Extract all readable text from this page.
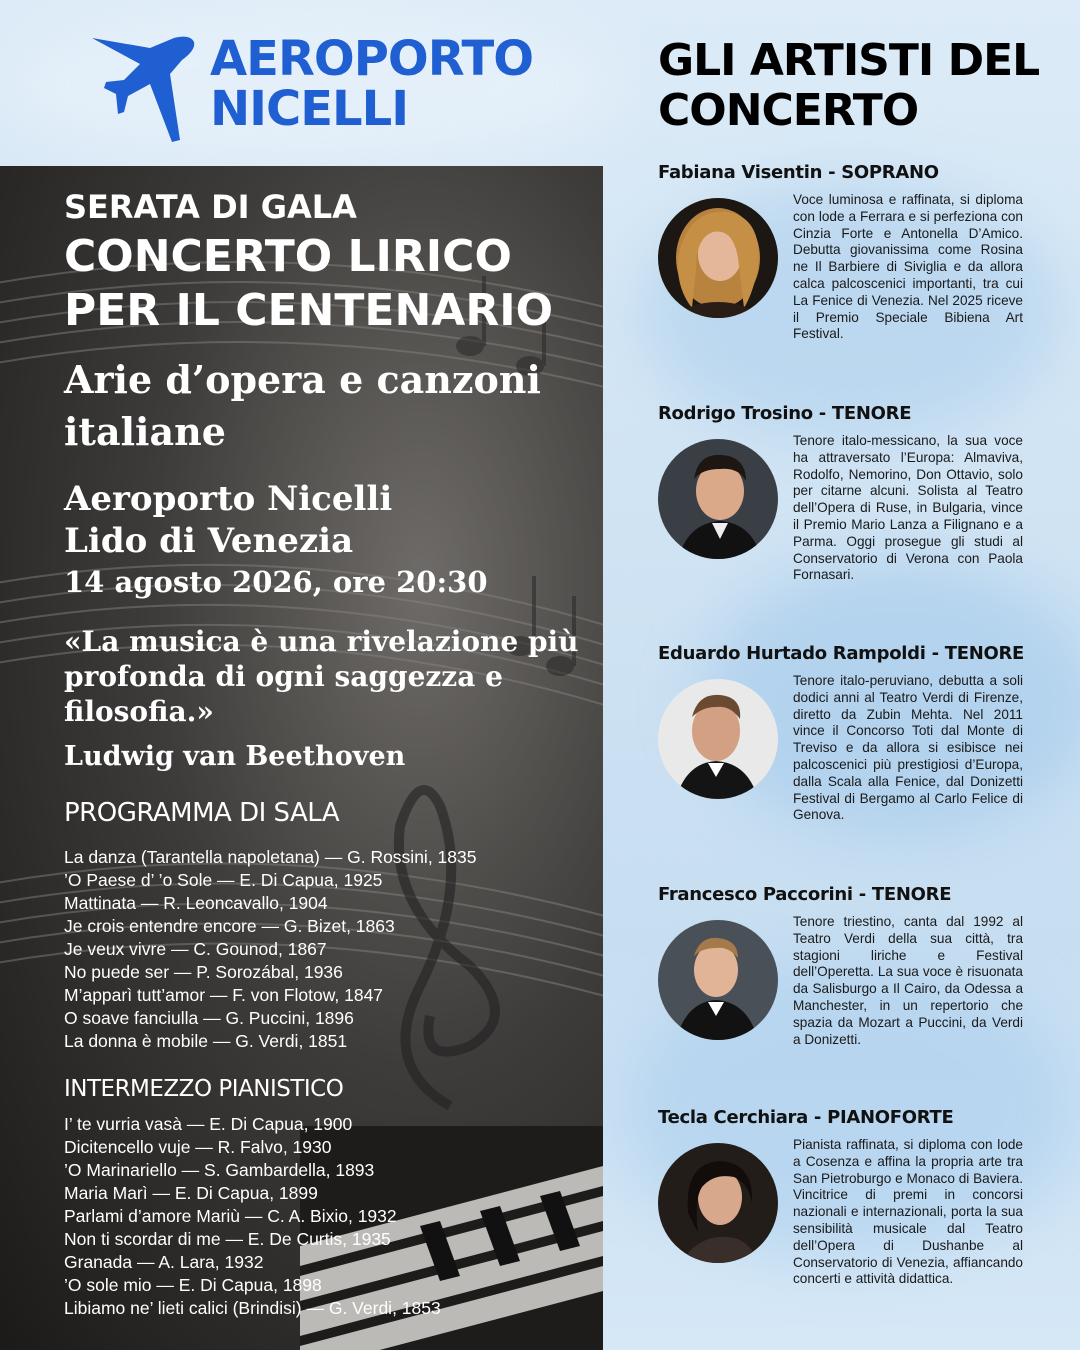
AEROPORTO
NICELLI
GLI ARTISTI DEL CONCERTO
SERATA DI GALA
CONCERTO LIRICO PER IL CENTENARIO
Arie d’opera e canzoni italiane
Aeroporto Nicelli
Lido di Venezia
14 agosto 2026, ore 20:30
«La musica è una rivelazione più profonda di ogni saggezza e filosofia.»
Ludwig van Beethoven
PROGRAMMA DI SALA
La danza (Tarantella napoletana) — G. Rossini, 1835
’O Paese d’ ’o Sole — E. Di Capua, 1925
Mattinata — R. Leoncavallo, 1904
Je crois entendre encore — G. Bizet, 1863
Je veux vivre — C. Gounod, 1867
No puede ser — P. Sorozábal, 1936
M’apparì tutt’amor — F. von Flotow, 1847
O soave fanciulla — G. Puccini, 1896
La donna è mobile — G. Verdi, 1851
INTERMEZZO PIANISTICO
I’ te vurria vasà — E. Di Capua, 1900
Dicitencello vuje — R. Falvo, 1930
’O Marinariello — S. Gambardella, 1893
Maria Marì — E. Di Capua, 1899
Parlami d’amore Mariù — C. A. Bixio, 1932
Non ti scordar di me — E. De Curtis, 1935
Granada — A. Lara, 1932
’O sole mio — E. Di Capua, 1898
Libiamo ne’ lieti calici (Brindisi) — G. Verdi, 1853
Fabiana Visentin - SOPRANO
Voce luminosa e raffinata, si diploma con lode a Ferrara e si perfeziona con Cinzia Forte e Antonella D’Amico. Debutta giovanissima come Rosina ne Il Barbiere di Siviglia e da allora calca palcoscenici importanti, tra cui La Fenice di Venezia. Nel 2025 riceve il Premio Speciale Bibiena Art Festival.
Rodrigo Trosino - TENORE
Tenore italo-messicano, la sua voce ha attraversato l’Europa: Almaviva, Rodolfo, Nemorino, Don Ottavio, solo per citarne alcuni. Solista al Teatro dell’Opera di Ruse, in Bulgaria, vince il Premio Mario Lanza a Filignano e a Parma. Oggi prosegue gli studi al Conservatorio di Verona con Paola Fornasari.
Eduardo Hurtado Rampoldi - TENORE
Tenore italo-peruviano, debutta a soli dodici anni al Teatro Verdi di Firenze, diretto da Zubin Mehta. Nel 2011 vince il Concorso Toti dal Monte di Treviso e da allora si esibisce nei palcoscenici più prestigiosi d’Europa, dalla Scala alla Fenice, dal Donizetti Festival di Bergamo al Carlo Felice di Genova.
Francesco Paccorini - TENORE
Tenore triestino, canta dal 1992 al Teatro Verdi della sua città, tra stagioni liriche e Festival dell’Operetta. La sua voce è risuonata da Salisburgo a Il Cairo, da Odessa a Manchester, in un repertorio che spazia da Mozart a Puccini, da Verdi a Donizetti.
Tecla Cerchiara - PIANOFORTE
Pianista raffinata, si diploma con lode a Cosenza e affina la propria arte tra San Pietroburgo e Monaco di Baviera. Vincitrice di premi in concorsi nazionali e internazionali, porta la sua sensibilità musicale dal Teatro dell’Opera di Dushanbe al Conservatorio di Venezia, affiancando concerti e attività didattica.
